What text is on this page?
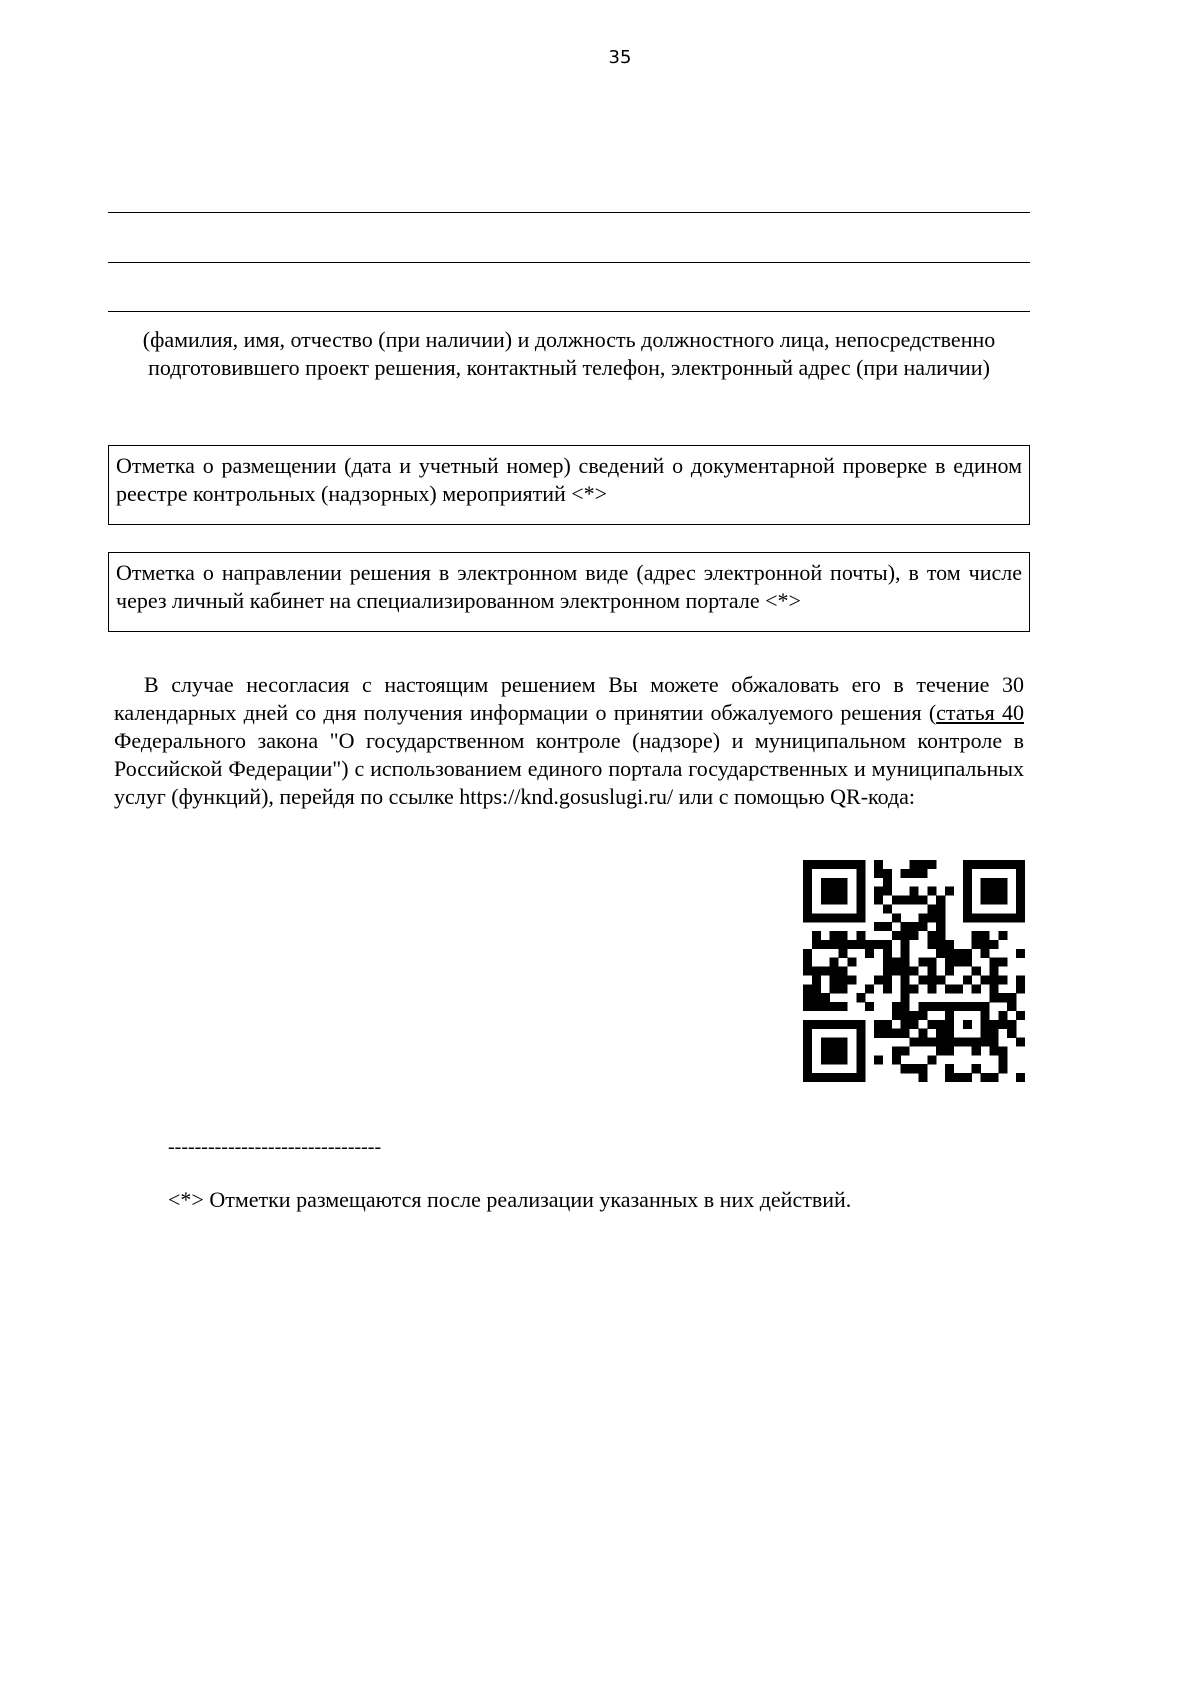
35
(фамилия, имя, отчество (при наличии) и должность должностного лица, непосредственно подготовившего проект решения, контактный телефон, электронный адрес (при наличии)
Отметка о размещении (дата и учетный номер) сведений о документарной проверке в едином реестре контрольных (надзорных) мероприятий <*>
Отметка о направлении решения в электронном виде (адрес электронной почты), в том числе через личный кабинет на специализированном электронном портале <*>
В случае несогласия с настоящим решением Вы можете обжаловать его в течение 30 календарных дней со дня получения информации о принятии обжалуемого решения (статья 40 Федерального закона "О государственном контроле (надзоре) и муниципальном контроле в Российской Федерации") с использованием единого портала государственных и муниципальных услуг (функций), перейдя по ссылке https://knd.gosuslugi.ru/ или с помощью QR-кода:
--------------------------------
<*> Отметки размещаются после реализации указанных в них действий.
